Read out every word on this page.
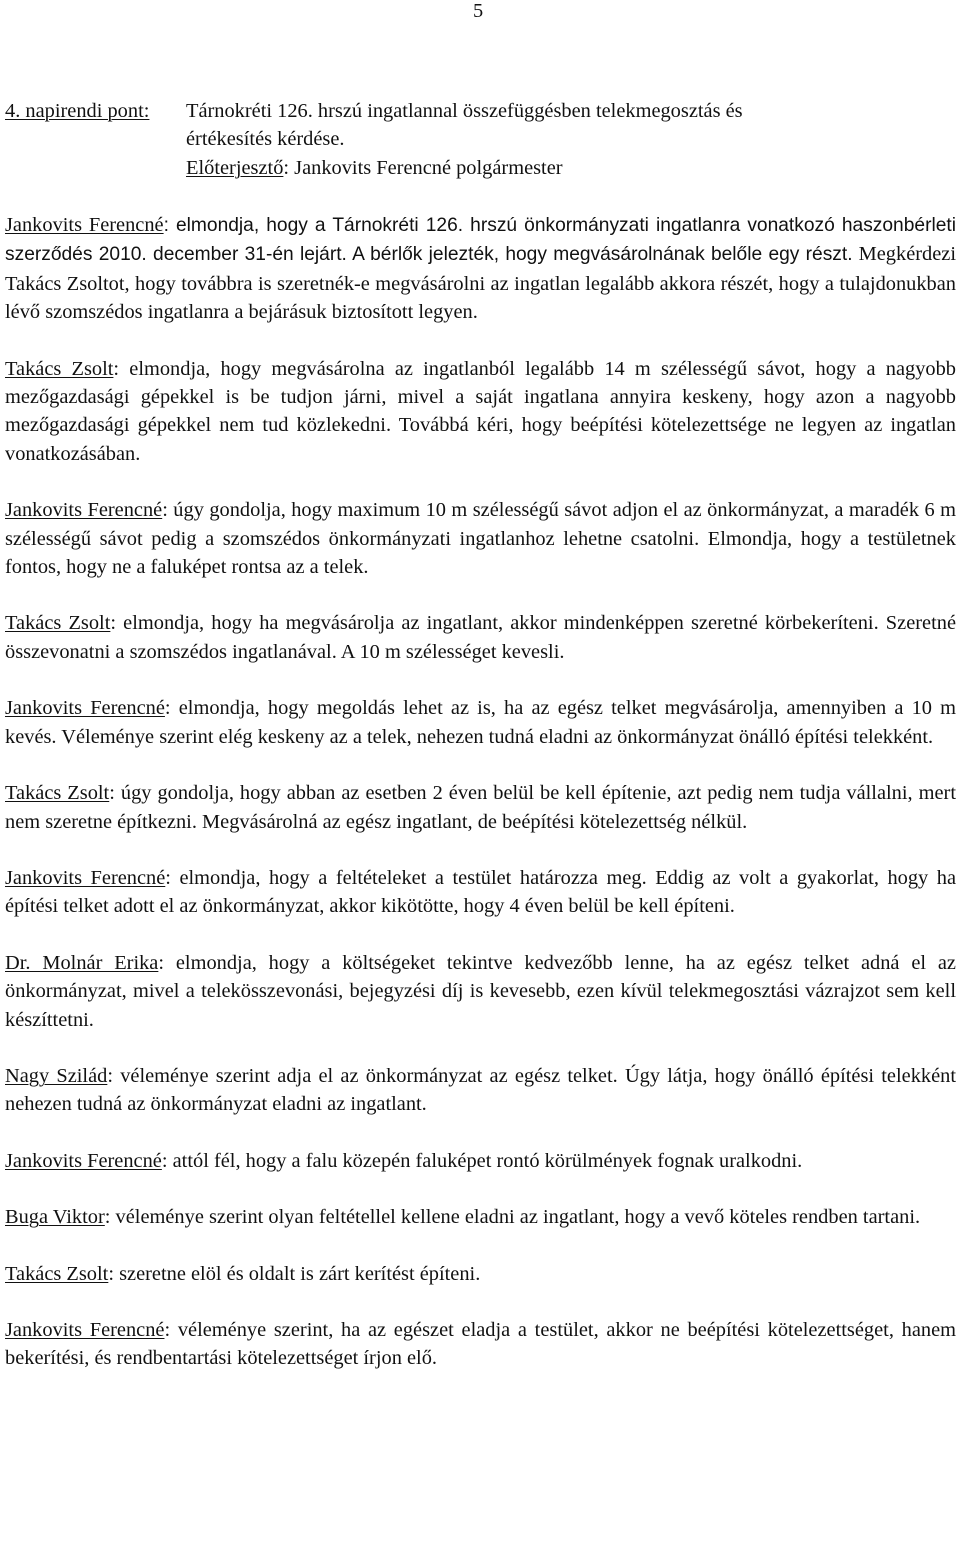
5
4. napirendi pont:	Tárnokréti 126. hrszú ingatlannal összefüggésben telekmegosztás és

értékesítés kérdése.

Előterjesztő: Jankovits Ferencné polgármester

Jankovits Ferencné: elmondja, hogy a Tárnokréti 126. hrszú önkormányzati ingatlanra vonatkozó haszonbérleti szerződés 2010. december 31-én lejárt. A bérlők jelezték, hogy megvásárolnának belőle egy részt. Megkérdezi Takács Zsoltot, hogy továbbra is szeretnék-e megvásárolni az ingatlan legalább akkora részét, hogy a tulajdonukban lévő szomszédos ingatlanra a bejárásuk biztosított legyen.

Takács Zsolt: elmondja, hogy megvásárolna az ingatlanból legalább 14 m szélességű sávot, hogy a nagyobb mezőgazdasági gépekkel is be tudjon járni, mivel a saját ingatlana annyira keskeny, hogy azon a nagyobb mezőgazdasági gépekkel nem tud közlekedni. Továbbá kéri, hogy beépítési kötelezettsége ne legyen az ingatlan vonatkozásában.

Jankovits Ferencné: úgy gondolja, hogy maximum 10 m szélességű sávot adjon el az önkormányzat, a maradék 6 m szélességű sávot pedig a szomszédos önkormányzati ingatlanhoz lehetne csatolni. Elmondja, hogy a testületnek fontos, hogy ne a faluképet rontsa az a telek.

Takács Zsolt: elmondja, hogy ha megvásárolja az ingatlant, akkor mindenképpen szeretné körbekeríteni. Szeretné összevonatni a szomszédos ingatlanával. A 10 m szélességet kevesli.

Jankovits Ferencné: elmondja, hogy megoldás lehet az is, ha az egész telket megvásárolja, amennyiben a 10 m kevés. Véleménye szerint elég keskeny az a telek, nehezen tudná eladni az önkormányzat önálló építési telekként.

Takács Zsolt: úgy gondolja, hogy abban az esetben 2 éven belül be kell építenie, azt pedig nem tudja vállalni, mert nem szeretne építkezni. Megvásárolná az egész ingatlant, de beépítési kötelezettség nélkül.

Jankovits Ferencné: elmondja, hogy a feltételeket a testület határozza meg. Eddig az volt a gyakorlat, hogy ha építési telket adott el az önkormányzat, akkor kikötötte, hogy 4 éven belül be kell építeni.

Dr. Molnár Erika: elmondja, hogy a költségeket tekintve kedvezőbb lenne, ha az egész telket adná el az önkormányzat, mivel a telekösszevonási, bejegyzési díj is kevesebb, ezen kívül telekmegosztási vázrajzot sem kell készíttetni.

Nagy Szilád: véleménye szerint adja el az önkormányzat az egész telket. Úgy látja, hogy önálló építési telekként nehezen tudná az önkormányzat eladni az ingatlant.

Jankovits Ferencné: attól fél, hogy a falu közepén faluképet rontó körülmények fognak uralkodni.

Buga Viktor: véleménye szerint olyan feltétellel kellene eladni az ingatlant, hogy a vevő köteles rendben tartani.

Takács Zsolt: szeretne elöl és oldalt is zárt kerítést építeni.

Jankovits Ferencné: véleménye szerint, ha az egészet eladja a testület, akkor ne beépítési kötelezettséget, hanem bekerítési, és rendbentartási kötelezettséget írjon elő.
